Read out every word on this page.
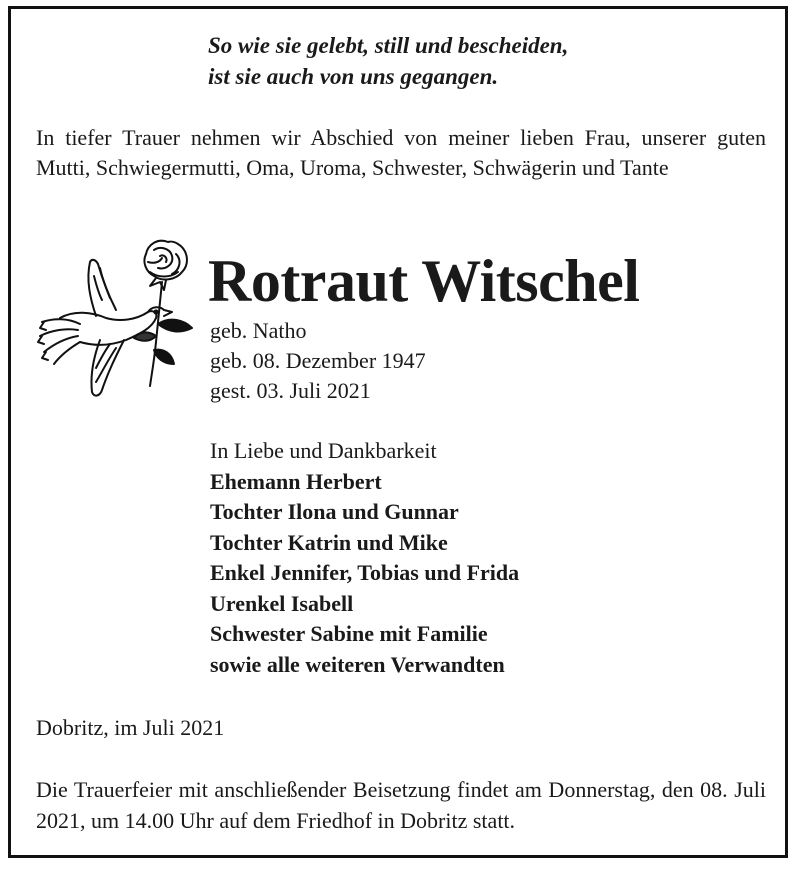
So wie sie gelebt, still und bescheiden,
ist sie auch von uns gegangen.
In tiefer Trauer nehmen wir Abschied von meiner lieben Frau, unserer guten Mutti, Schwiegermutti, Oma, Uroma, Schwester, Schwägerin und Tante
Rotraut Witschel
geb. Natho
geb. 08. Dezember 1947
gest. 03. Juli 2021
In Liebe und Dankbarkeit
Ehemann Herbert
Tochter Ilona und Gunnar
Tochter Katrin und Mike
Enkel Jennifer, Tobias und Frida
Urenkel Isabell
Schwester Sabine mit Familie
sowie alle weiteren Verwandten
Dobritz, im Juli 2021
Die Trauerfeier mit anschließender Beisetzung findet am Donnerstag, den 08. Juli 2021, um 14.00 Uhr auf dem Friedhof in Dobritz statt.
